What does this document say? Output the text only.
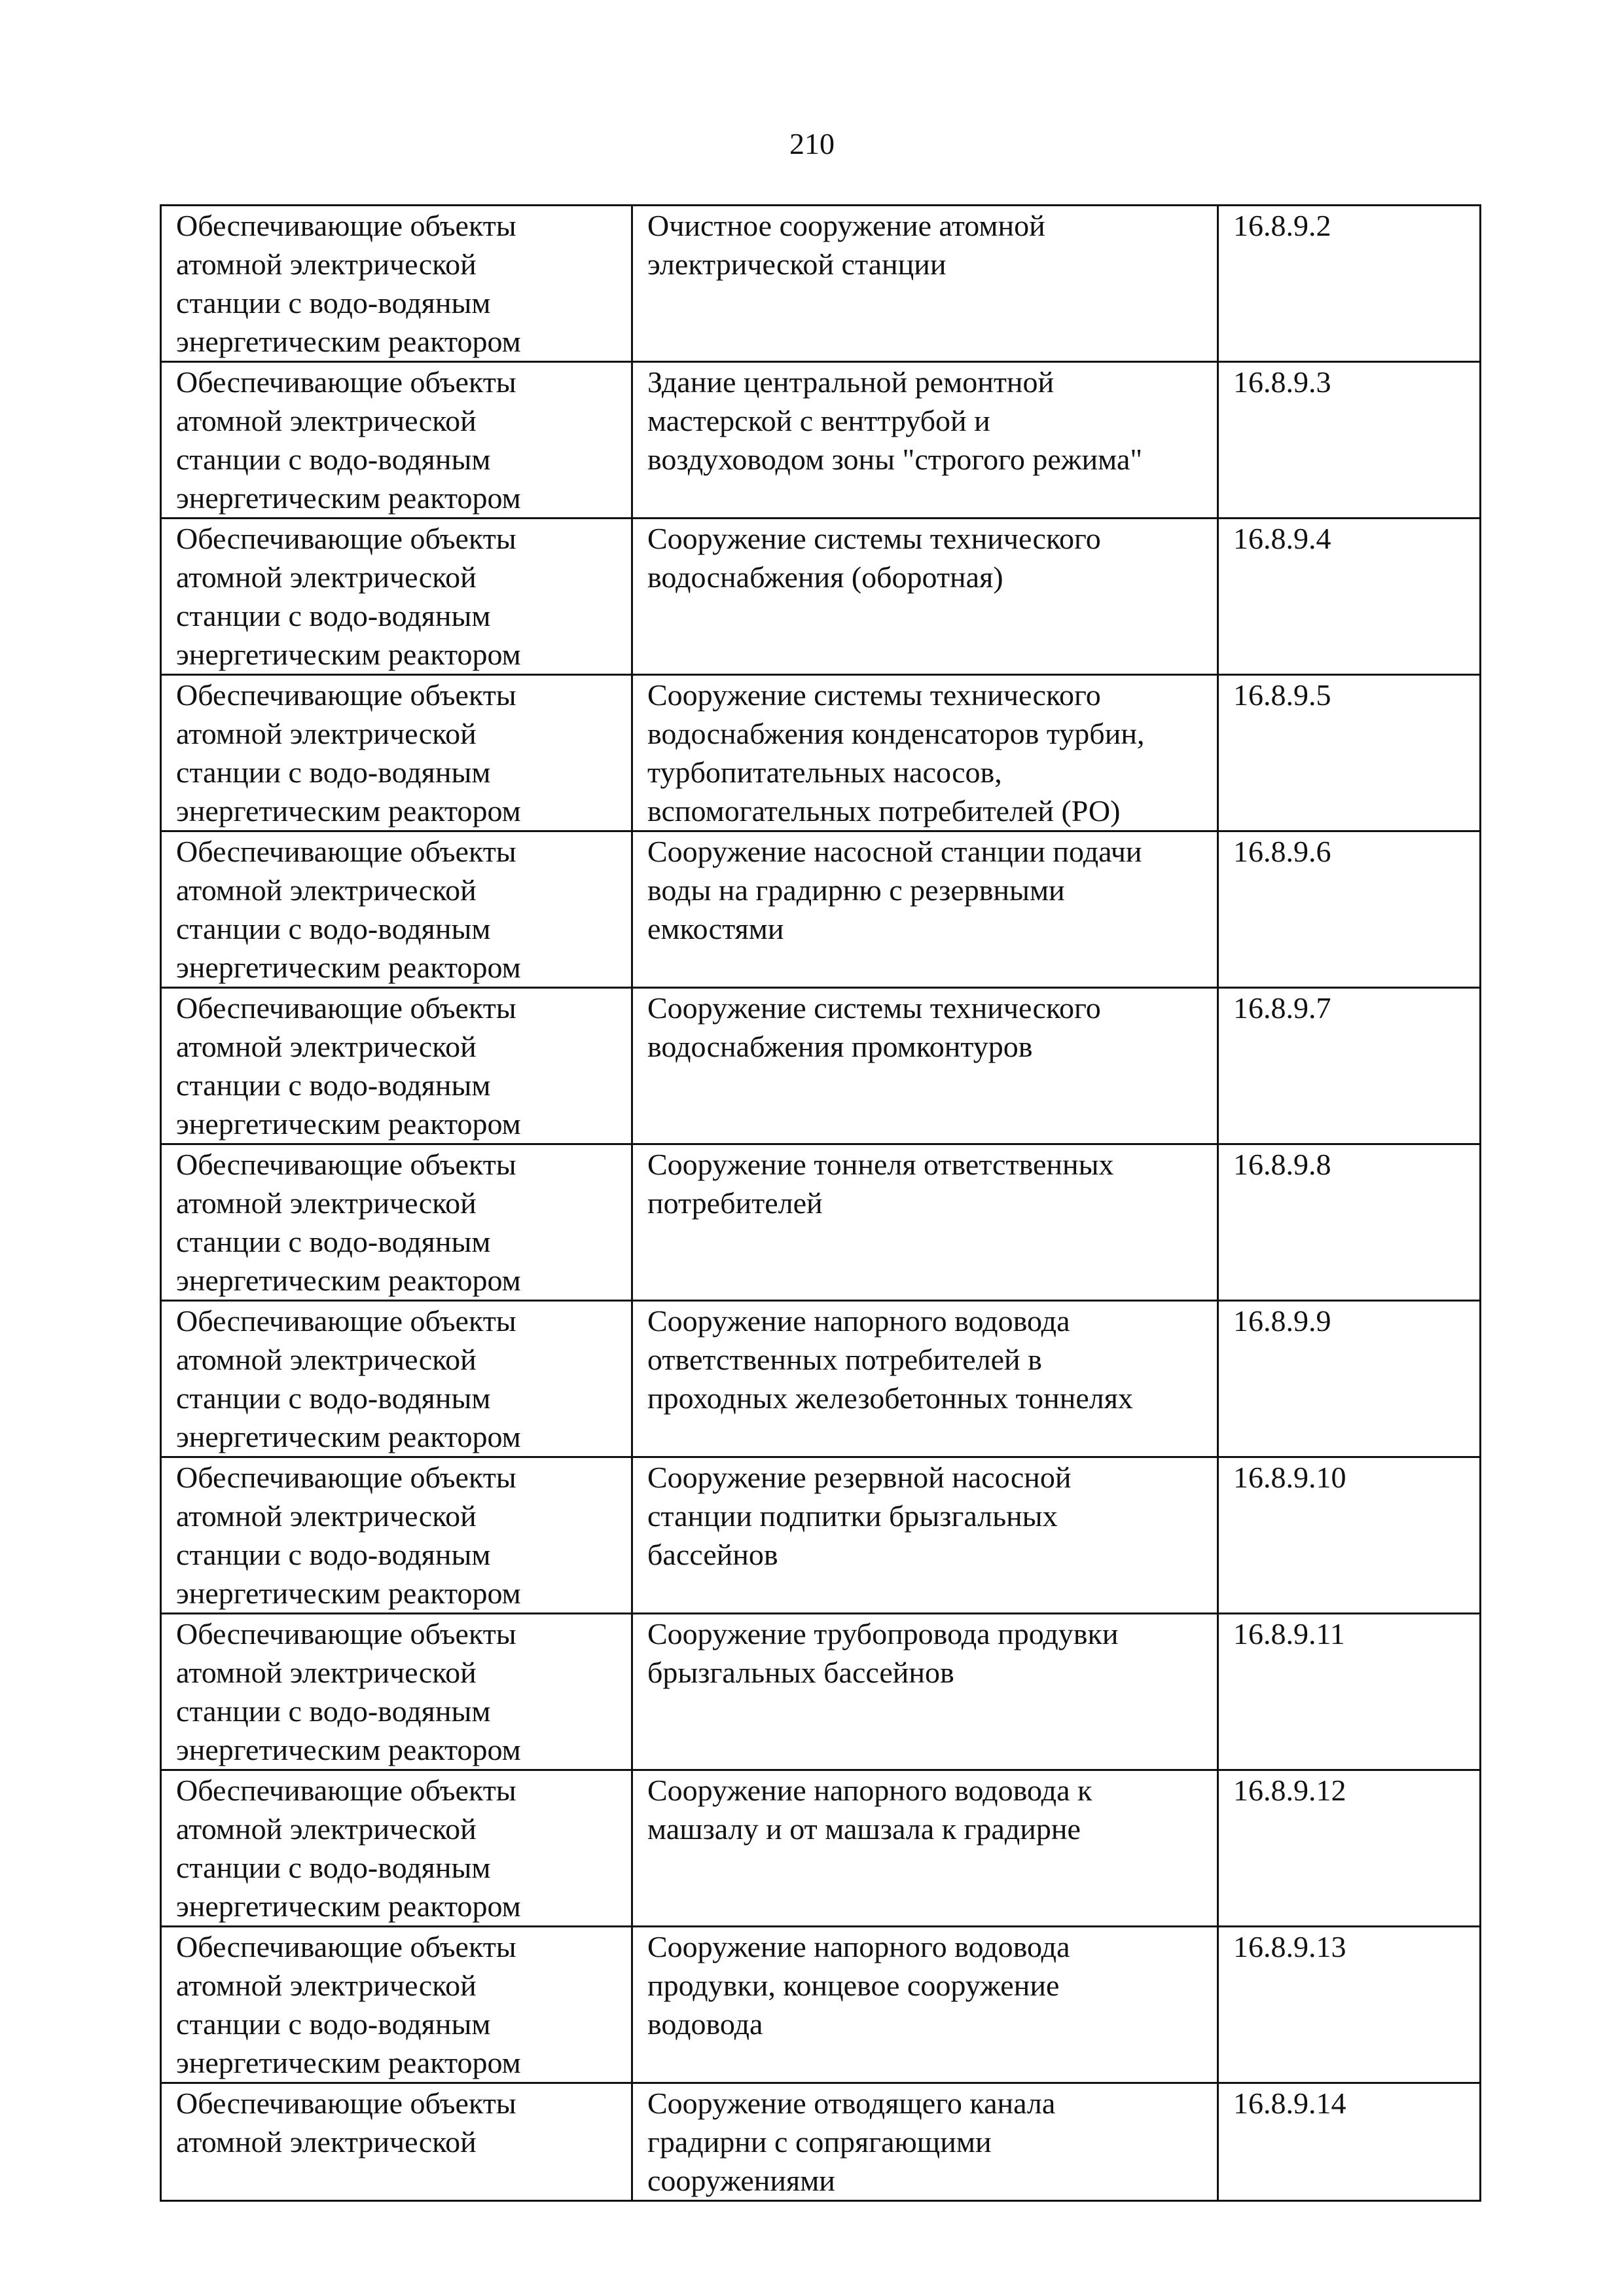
210
Обеспечивающие объекты
атомной электрической
станции с водо-водяным
энергетическим реактором	Очистное сооружение атомной
электрической станции	16.8.9.2

Обеспечивающие объекты
атомной электрической
станции с водо-водяным
энергетическим реактором	Здание центральной ремонтной
мастерской с венттрубой и
воздуховодом зоны "строгого режима"	16.8.9.3

Обеспечивающие объекты
атомной электрической
станции с водо-водяным
энергетическим реактором	Сооружение системы технического
водоснабжения (оборотная)	16.8.9.4

Обеспечивающие объекты
атомной электрической
станции с водо-водяным
энергетическим реактором	Сооружение системы технического
водоснабжения конденсаторов турбин,
турбопитательных насосов,
вспомогательных потребителей (РО)	16.8.9.5

Обеспечивающие объекты
атомной электрической
станции с водо-водяным
энергетическим реактором	Сооружение насосной станции подачи
воды на градирню с резервными
емкостями	16.8.9.6

Обеспечивающие объекты
атомной электрической
станции с водо-водяным
энергетическим реактором	Сооружение системы технического
водоснабжения промконтуров	16.8.9.7

Обеспечивающие объекты
атомной электрической
станции с водо-водяным
энергетическим реактором	Сооружение тоннеля ответственных
потребителей	16.8.9.8

Обеспечивающие объекты
атомной электрической
станции с водо-водяным
энергетическим реактором	Сооружение напорного водовода
ответственных потребителей в
проходных железобетонных тоннелях	16.8.9.9

Обеспечивающие объекты
атомной электрической
станции с водо-водяным
энергетическим реактором	Сооружение резервной насосной
станции подпитки брызгальных
бассейнов	16.8.9.10

Обеспечивающие объекты
атомной электрической
станции с водо-водяным
энергетическим реактором	Сооружение трубопровода продувки
брызгальных бассейнов	16.8.9.11

Обеспечивающие объекты
атомной электрической
станции с водо-водяным
энергетическим реактором	Сооружение напорного водовода к
машзалу и от машзала к градирне	16.8.9.12

Обеспечивающие объекты
атомной электрической
станции с водо-водяным
энергетическим реактором	Сооружение напорного водовода
продувки, концевое сооружение
водовода	16.8.9.13

Обеспечивающие объекты
атомной электрической	Сооружение отводящего канала
градирни с сопрягающими
сооружениями	16.8.9.14
